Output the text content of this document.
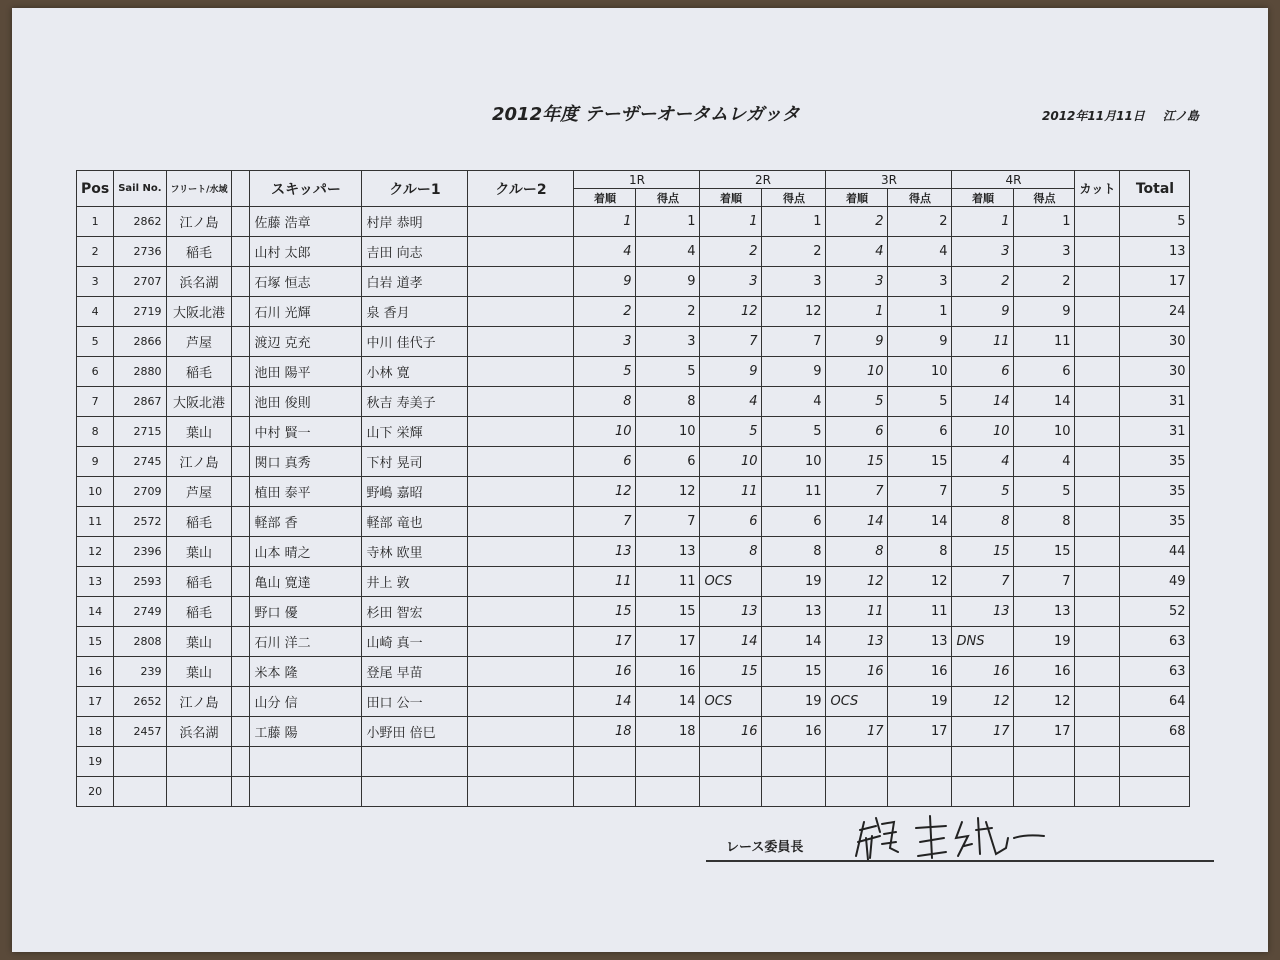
2012年度 テーザーオータムレガッタ	2012年11月11日 江ノ島
Pos	Sail No.	フリート/水域		スキッパー	クルー1	クルー2	1R		2R		3R		4R		カット	Total
							着順	得点	着順	得点	着順	得点	着順	得点		
1	2862	江ノ島		佐藤 浩章	村岸 恭明		1	1	1	1	2	2	1	1		5
2	2736	稲毛		山村 太郎	吉田 向志		4	4	2	2	4	4	3	3		13
3	2707	浜名湖		石塚 恒志	白岩 道孝		9	9	3	3	3	3	2	2		17
4	2719	大阪北港		石川 光輝	泉 香月		2	2	12	12	1	1	9	9		24
5	2866	芦屋		渡辺 克充	中川 佳代子		3	3	7	7	9	9	11	11		30
6	2880	稲毛		池田 陽平	小林 寛		5	5	9	9	10	10	6	6		30
7	2867	大阪北港		池田 俊則	秋吉 寿美子		8	8	4	4	5	5	14	14		31
8	2715	葉山		中村 賢一	山下 栄輝		10	10	5	5	6	6	10	10		31
9	2745	江ノ島		関口 真秀	下村 晃司		6	6	10	10	15	15	4	4		35
10	2709	芦屋		植田 泰平	野嶋 嘉昭		12	12	11	11	7	7	5	5		35
11	2572	稲毛		軽部 香	軽部 竜也		7	7	6	6	14	14	8	8		35
12	2396	葉山		山本 晴之	寺林 欧里		13	13	8	8	8	8	15	15		44
13	2593	稲毛		亀山 寛達	井上 敦		11	11	OCS	19	12	12	7	7		49
14	2749	稲毛		野口 優	杉田 智宏		15	15	13	13	11	11	13	13		52
15	2808	葉山		石川 洋二	山崎 真一		17	17	14	14	13	13	DNS	19		63
16	239	葉山		米本 隆	登尾 早苗		16	16	15	15	16	16	16	16		63
17	2652	江ノ島		山分 信	田口 公一		14	14	OCS	19	OCS	19	12	12		64
18	2457	浜名湖		工藤 陽	小野田 倍巳		18	18	16	16	17	17	17	17		68
19																
20																
レース委員長
